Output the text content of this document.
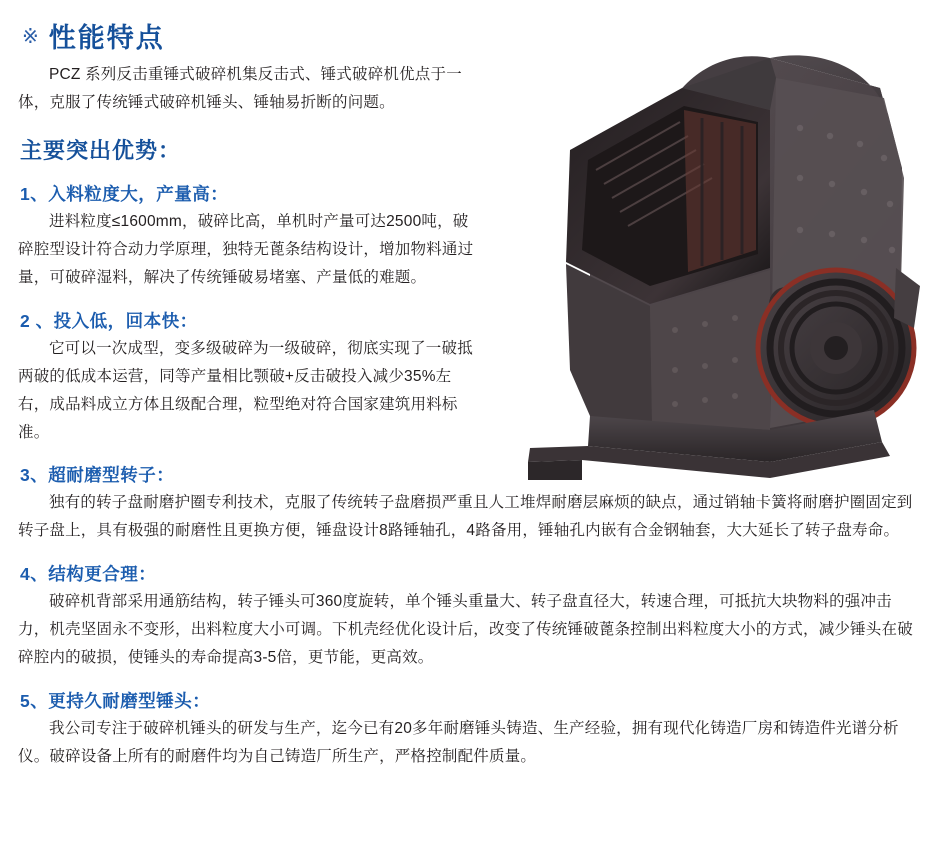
※ 性能特点

PCZ 系列反击重锤式破碎机集反击式、锤式破碎机优点于一体，克服了传统锤式破碎机锤头、锤轴易折断的问题。

主要突出优势：
1、入料粒度大，产量高：

进料粒度≤1600mm，破碎比高，单机时产量可达2500吨，破碎腔型设计符合动力学原理，独特无蓖条结构设计，增加物料通过量，可破碎湿料，解决了传统锤破易堵塞、产量低的难题。

2 、投入低，回本快：

它可以一次成型，变多级破碎为一级破碎，彻底实现了一破抵两破的低成本运营，同等产量相比颚破+反击破投入减少35%左右，成品料成立方体且级配合理，粒型绝对符合国家建筑用料标准。

3、超耐磨型转子：

独有的转子盘耐磨护圈专利技术，克服了传统转子盘磨损严重且人工堆焊耐磨层麻烦的缺点，通过销轴卡簧将耐磨护圈固定到转子盘上，具有极强的耐磨性且更换方便，锤盘设计8路锤轴孔，4路备用，锤轴孔内嵌有合金钢轴套，大大延长了转子盘寿命。

4、结构更合理：

破碎机背部采用通筋结构，转子锤头可360度旋转，单个锤头重量大、转子盘直径大，转速合理，可抵抗大块物料的强冲击力，机壳坚固永不变形，出料粒度大小可调。下机壳经优化设计后，改变了传统锤破蓖条控制出料粒度大小的方式，减少锤头在破碎腔内的破损，使锤头的寿命提高3-5倍，更节能，更高效。

5、更持久耐磨型锤头：

我公司专注于破碎机锤头的研发与生产，迄今已有20多年耐磨锤头铸造、生产经验，拥有现代化铸造厂房和铸造件光谱分析仪。破碎设备上所有的耐磨件均为自己铸造厂所生产，严格控制配件质量。
